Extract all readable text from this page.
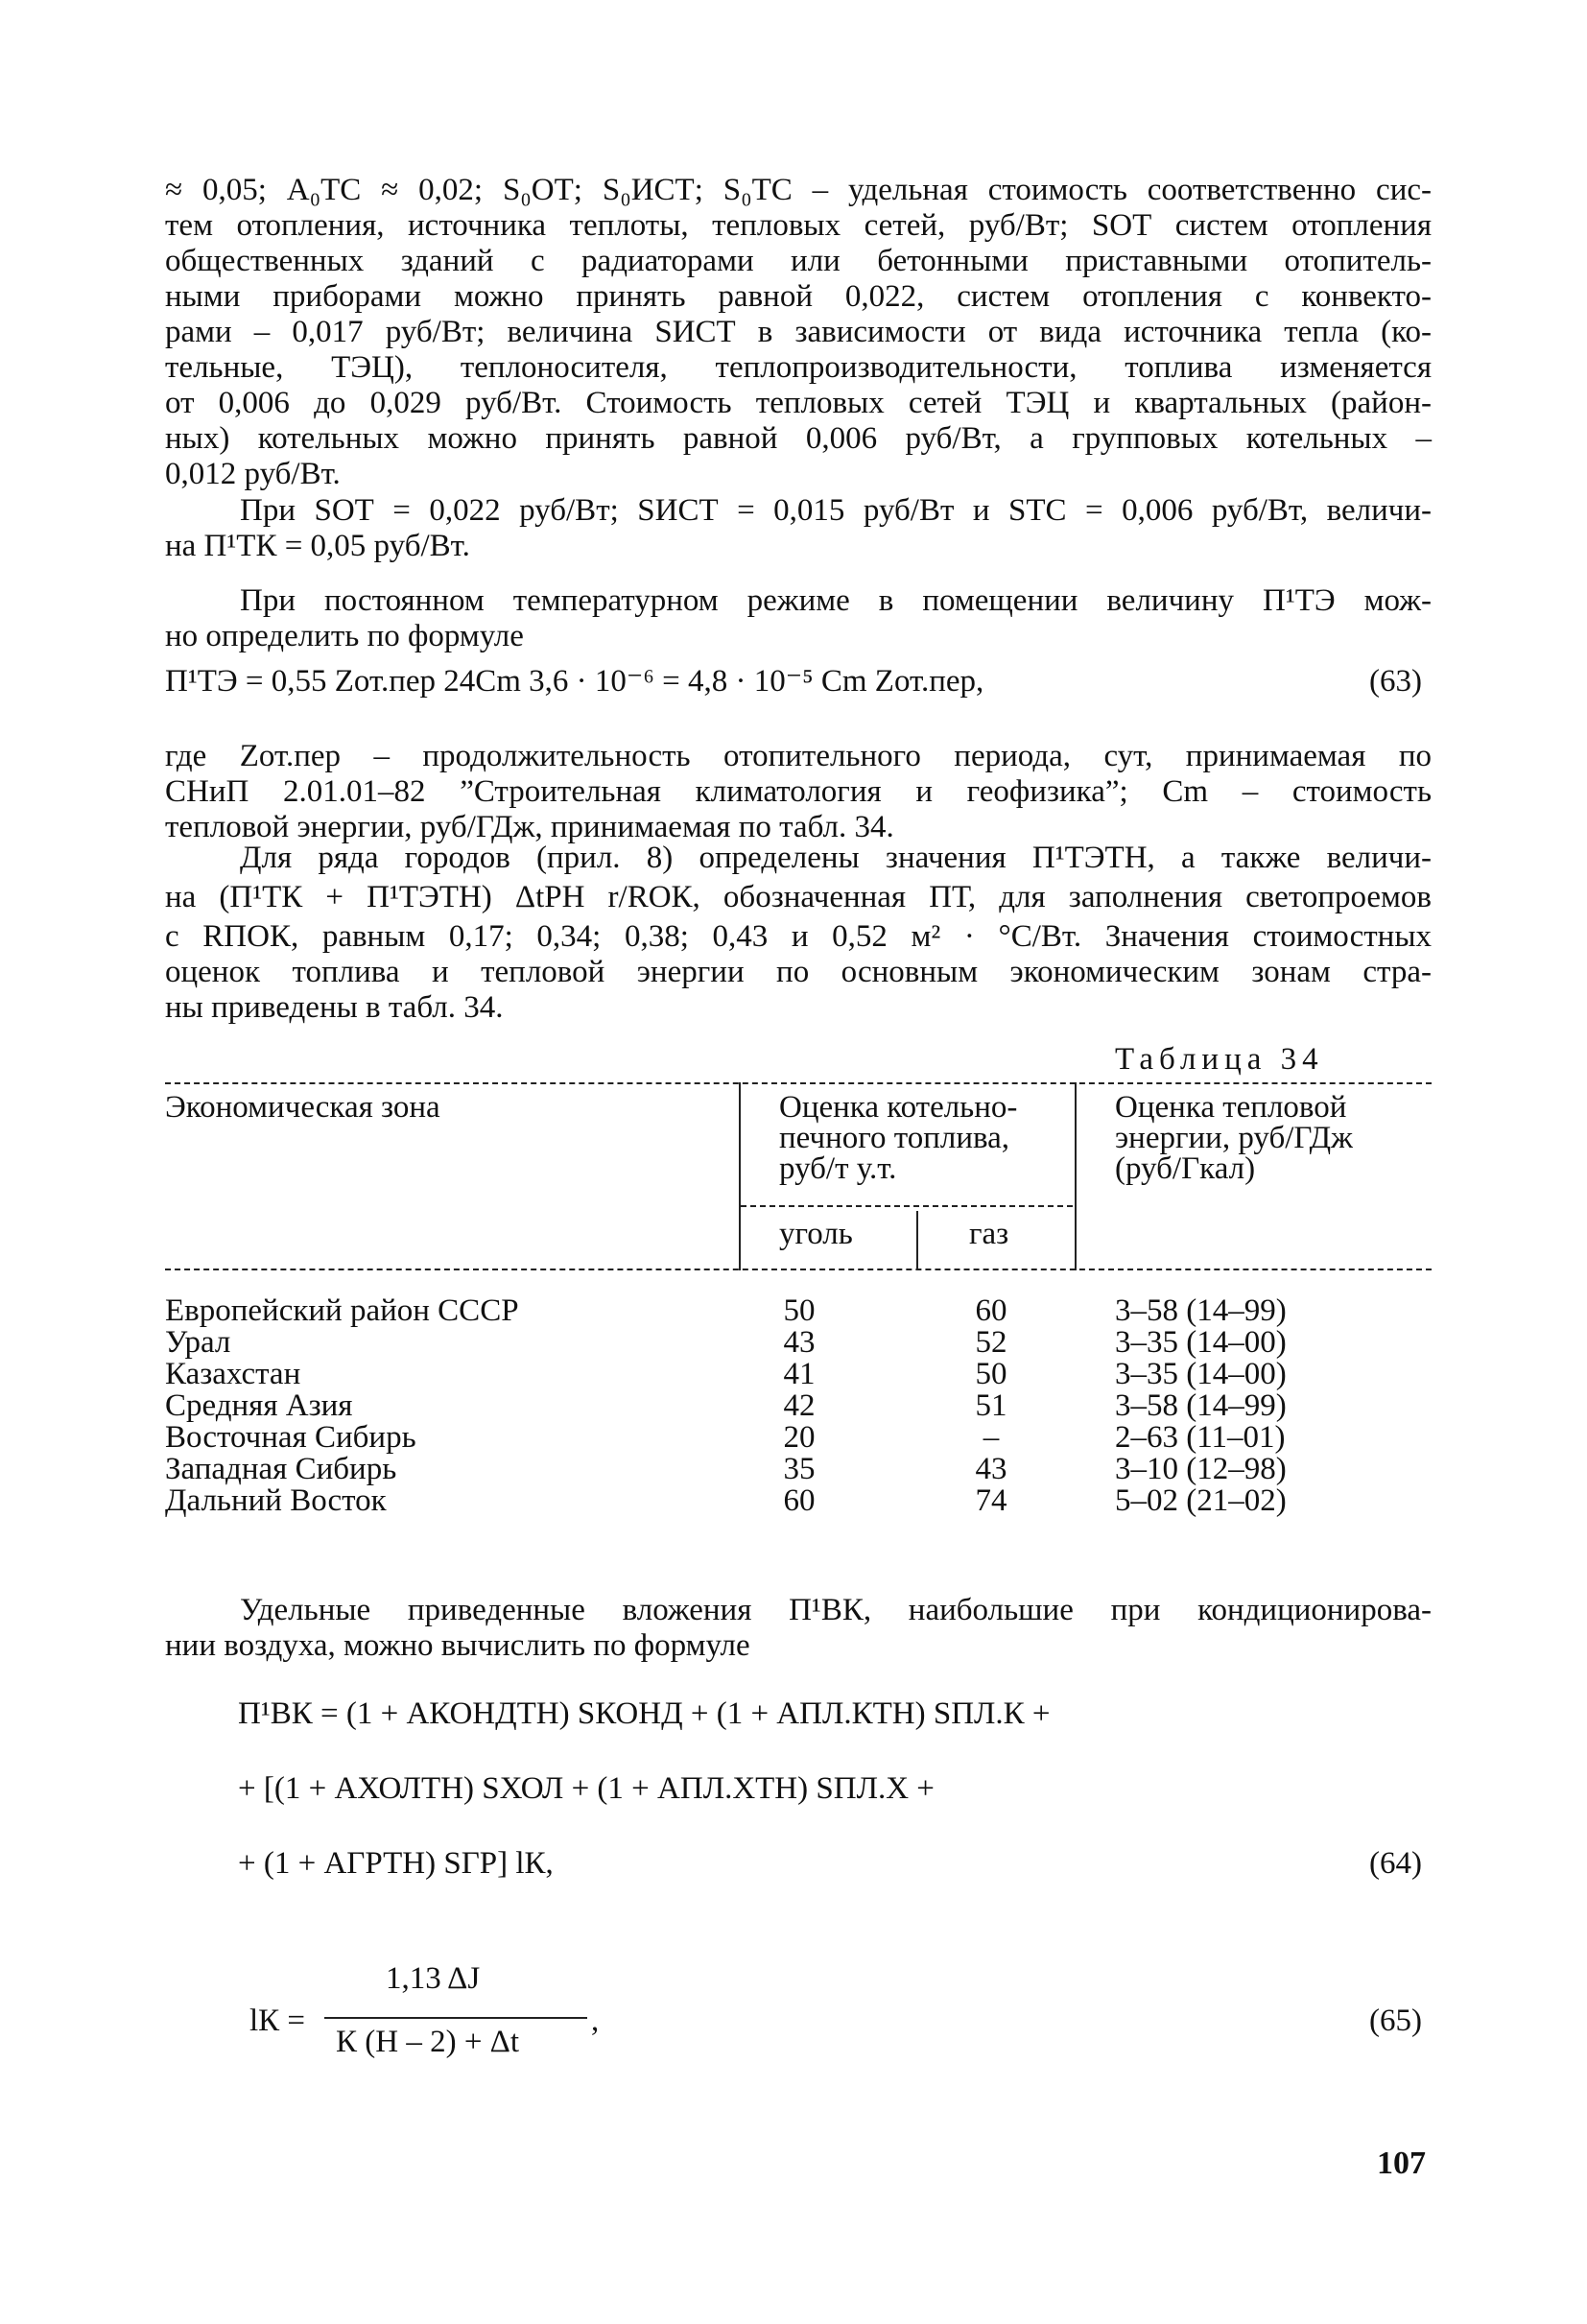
≈ 0,05; А₀ТС ≈ 0,02; S₀ОТ; S₀ИСТ; S₀ТС – удельная стоимость соответственно сис-
тем отопления, источника теплоты, тепловых сетей, руб/Вт; SОТ систем отопления
общественных зданий с радиаторами или бетонными приставными отопитель-
ными приборами можно принять равной 0,022, систем отопления с конвекто-
рами – 0,017 руб/Вт; величина SИСТ в зависимости от вида источника тепла (ко-
тельные, ТЭЦ), теплоносителя, теплопроизводительности, топлива изменяется
от 0,006 до 0,029 руб/Вт. Стоимость тепловых сетей ТЭЦ и квартальных (район-
ных) котельных можно принять равной 0,006 руб/Вт, а групповых котельных –
0,012 руб/Вт.
При SОТ = 0,022 руб/Вт; SИСТ = 0,015 руб/Вт и SТС = 0,006 руб/Вт, величи-
на П¹ТК = 0,05 руб/Вт.
При постоянном температурном режиме в помещении величину П¹ТЭ мож-
но определить по формуле
П¹ТЭ = 0,55 Zот.пер 24Cm 3,6 · 10⁻⁶ = 4,8 · 10⁻⁵ Cm Zот.пер,	(63)
где Zот.пер – продолжительность отопительного периода, сут, принимаемая по
СНиП 2.01.01–82 ”Строительная климатология и геофизика”; Cm – стоимость
тепловой энергии, руб/ГДж, принимаемая по табл. 34.
Для ряда городов (прил. 8) определены значения П¹ТЭТН, а также величи-
на (П¹ТК + П¹ТЭТН) ΔtРН r/RОК, обозначенная ПТ, для заполнения светопроемов
с RПОК, равным 0,17; 0,34; 0,38; 0,43 и 0,52 м² · °С/Вт. Значения стоимостных
оценок топлива и тепловой энергии по основным экономическим зонам стра-
ны приведены в табл. 34.
Таблица 34
Экономическая зона	Оценка котельно-
печного топлива,
руб/т у.т.
Оценка тепловой
энергии, руб/ГДж
(руб/Гкал)
уголь	газ
Европейский район СССР	50	60	3–58 (14–99)
Урал	43	52	3–35 (14–00)
Казахстан	41	50	3–35 (14–00)
Средняя Азия	42	51	3–58 (14–99)
Восточная Сибирь	20	–	2–63 (11–01)
Западная Сибирь	35	43	3–10 (12–98)
Дальний Восток	60	74	5–02 (21–02)
Удельные приведенные вложения П¹ВК, наибольшие при кондиционирова-
нии воздуха, можно вычислить по формуле
П¹ВК = (1 + АКОНДТН) SКОНД + (1 + АПЛ.КТН) SПЛ.К +
+ [(1 + АХОЛТН) SХОЛ + (1 + АПЛ.ХТН) SПЛ.Х +
+ (1 + АГРТН) SГР] lК,	(64)
lК =
1,13 ΔJ
К (H – 2) + Δt
,	(65)
107
